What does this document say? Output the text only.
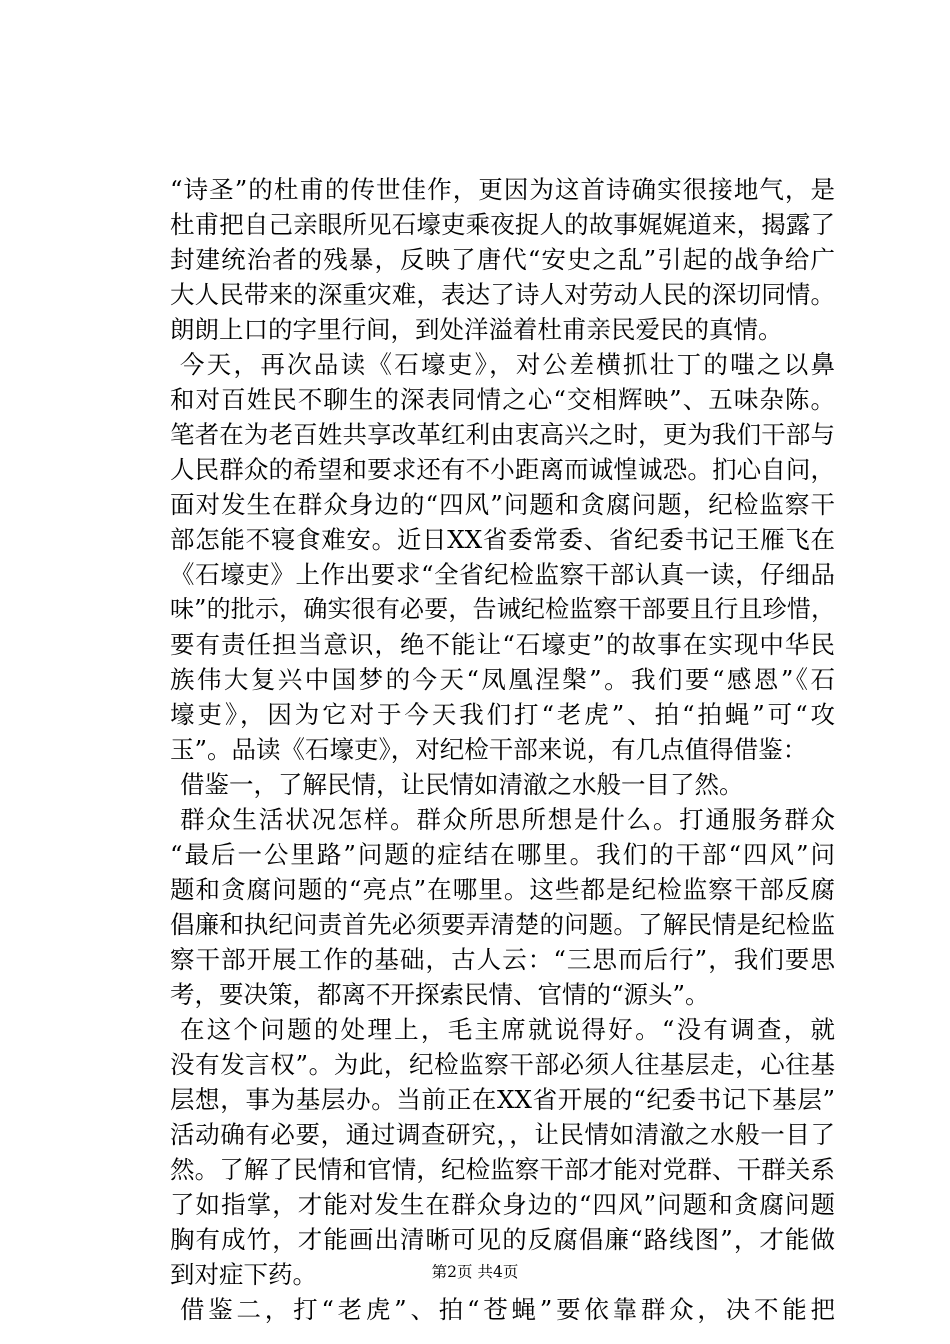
“诗圣”的杜甫的传世佳作，更因为这首诗确实很接地气，是
杜甫把自己亲眼所见石壕吏乘夜捉人的故事娓娓道来，揭露了
封建统治者的残暴，反映了唐代“安史之乱”引起的战争给广
大人民带来的深重灾难，表达了诗人对劳动人民的深切同情。
朗朗上口的字里行间，到处洋溢着杜甫亲民爱民的真情。
今天，再次品读《石壕吏》，对公差横抓壮丁的嗤之以鼻
和对百姓民不聊生的深表同情之心“交相辉映”、五味杂陈。
笔者在为老百姓共享改革红利由衷高兴之时，更为我们干部与
人民群众的希望和要求还有不小距离而诚惶诚恐。扪心自问，
面对发生在群众身边的“四风”问题和贪腐问题，纪检监察干
部怎能不寝食难安。近日XX省委常委、省纪委书记王雁飞在
《石壕吏》上作出要求“全省纪检监察干部认真一读，仔细品
味”的批示，确实很有必要，告诫纪检监察干部要且行且珍惜，
要有责任担当意识，绝不能让“石壕吏”的故事在实现中华民
族伟大复兴中国梦的今天“凤凰涅槃”。我们要“感恩”《石
壕吏》，因为它对于今天我们打“老虎”、拍“拍蝇”可“攻
玉”。品读《石壕吏》，对纪检干部来说，有几点值得借鉴：
借鉴一，了解民情，让民情如清澈之水般一目了然。
群众生活状况怎样。群众所思所想是什么。打通服务群众
“最后一公里路”问题的症结在哪里。我们的干部“四风”问
题和贪腐问题的“亮点”在哪里。这些都是纪检监察干部反腐
倡廉和执纪问责首先必须要弄清楚的问题。了解民情是纪检监
察干部开展工作的基础，古人云：“三思而后行”，我们要思
考，要决策，都离不开探索民情、官情的“源头”。
在这个问题的处理上，毛主席就说得好。“没有调查，就
没有发言权”。为此，纪检监察干部必须人往基层走，心往基
层想，事为基层办。当前正在XX省开展的“纪委书记下基层”
活动确有必要，通过调查研究，，让民情如清澈之水般一目了
然。了解了民情和官情，纪检监察干部才能对党群、干群关系
了如指掌，才能对发生在群众身边的“四风”问题和贪腐问题
胸有成竹，才能画出清晰可见的反腐倡廉“路线图”，才能做
到对症下药。
借鉴二，打“老虎”、拍“苍蝇”要依靠群众，决不能把
第2页 共4页
